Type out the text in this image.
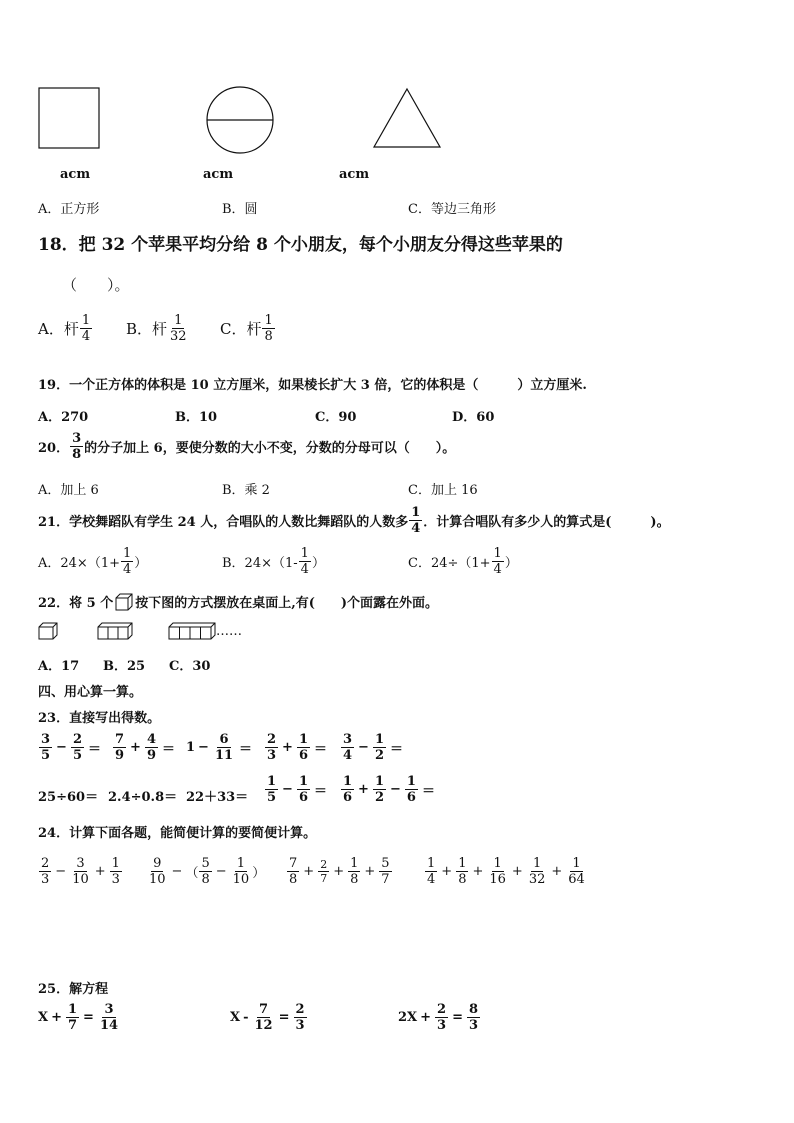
acm	acm	acm
A．正方形	B．圆	C．等边三角形
18．把 32 个苹果平均分给 8 个小朋友，每个小朋友分得这些苹果的
（　　）。
A．杆 $\frac{1}{4}$ B．杆 $\frac{1}{32}$ C．杆 $\frac{1}{8}$
19．一个正方体的体积是 10 立方厘米，如果棱长扩大 3 倍，它的体积是（　　　）立方厘米.
A．270	B．10	C．90	D．60
20． $\frac{3}{8}$ 的分子加上 6，要使分数的大小不变，分数的分母可以（　　）。
A．加上 6	B．乘 2	C．加上 16
21．学校舞蹈队有学生 24 人，合唱队的人数比舞蹈队的人数多 $\frac{1}{4}$ ．计算合唱队有多少人的算式是(　　　)。
A．$24\times(1+ \frac{1}{4}$ ）	B．$24\times(1- \frac{1}{4}$ ）	C．$24\div(1+ \frac{1}{4}$ ）
22．将 5 个 按下图的方式摆放在桌面上,有(　　)个面露在外面。
……
A．17 B．25 C．30
四、用心算一算。
23．直接写出得数。
$\frac{3}{5} - \frac{2}{5} = \frac{7}{9} + \frac{4}{9} = 1 - \frac{6}{11} = \frac{2}{3} + \frac{1}{6} = \frac{3}{4} - \frac{1}{2}$ ＝
$25\div 60= 2.4\div 0.8= 22+33= \frac{1}{5} - \frac{1}{6} = \frac{1}{6} + \frac{1}{2} - \frac{1}{6}$ ＝
24．计算下面各题，能简便计算的要简便计算。
$\frac{2}{3} - \frac{3}{10} + \frac{1}{3} \frac{9}{10}$ − （ $\frac{5}{8} - \frac{1}{10}$ ） $\frac{7}{8} + \frac{2}{7} + \frac{1}{8} + \frac{5}{7}$	$\frac{1}{4} + \frac{1}{8} + \frac{1}{16} + \frac{1}{32} + \frac{1}{64}$
25．解方程
$X + \frac{1}{7} = \frac{3}{14}$	$X - \frac{7}{12} = \frac{2}{3}$	$2X + \frac{2}{3} = \frac{8}{3}$
